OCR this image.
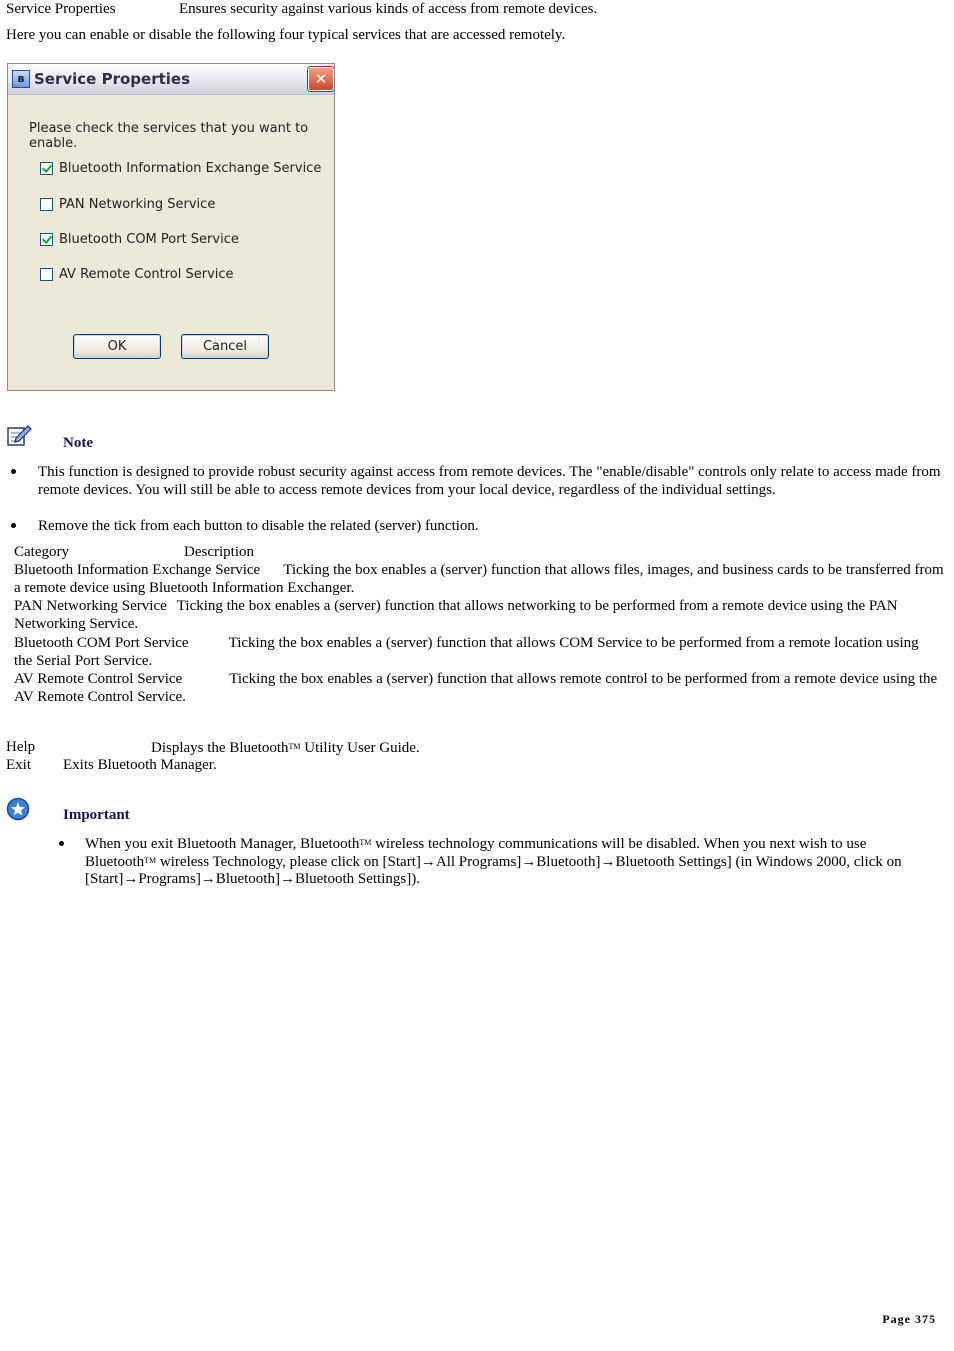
Service Properties	Ensures security against various kinds of access from remote devices.
Here you can enable or disable the following four typical services that are accessed remotely.
ʙ Service Properties	✕
Please check the services that you want to enable.
Bluetooth Information Exchange Service
PAN Networking Service
Bluetooth COM Port Service
AV Remote Control Service
OK	Cancel
Note
This function is designed to provide robust security against access from remote devices. The "enable/disable" controls only relate to access made from remote devices. You will still be able to access remote devices from your local device, regardless of the individual settings.
Remove the tick from each button to disable the related (server) function.
Category	Description
Bluetooth Information Exchange Service Ticking the box enables a (server) function that allows files, images, and business cards to be transferred from a remote device using Bluetooth Information Exchanger.
PAN Networking Service Ticking the box enables a (server) function that allows networking to be performed from a remote device using the PAN Networking Service.
Bluetooth COM Port Service	Ticking the box enables a (server) function that allows COM Service to be performed from a remote location using the Serial Port Service.
AV Remote Control Service	Ticking the box enables a (server) function that allows remote control to be performed from a remote device using the AV Remote Control Service.
Help	Displays the Bluetooth™ Utility User Guide.
Exit Exits Bluetooth Manager.
Important
When you exit Bluetooth Manager, Bluetooth™ wireless technology communications will be disabled. When you next wish to use
Bluetooth™ wireless Technology, please click on [Start]→All Programs]→Bluetooth]→Bluetooth Settings] (in Windows 2000, click on
[Start]→Programs]→Bluetooth]→Bluetooth Settings]).
Page 375
